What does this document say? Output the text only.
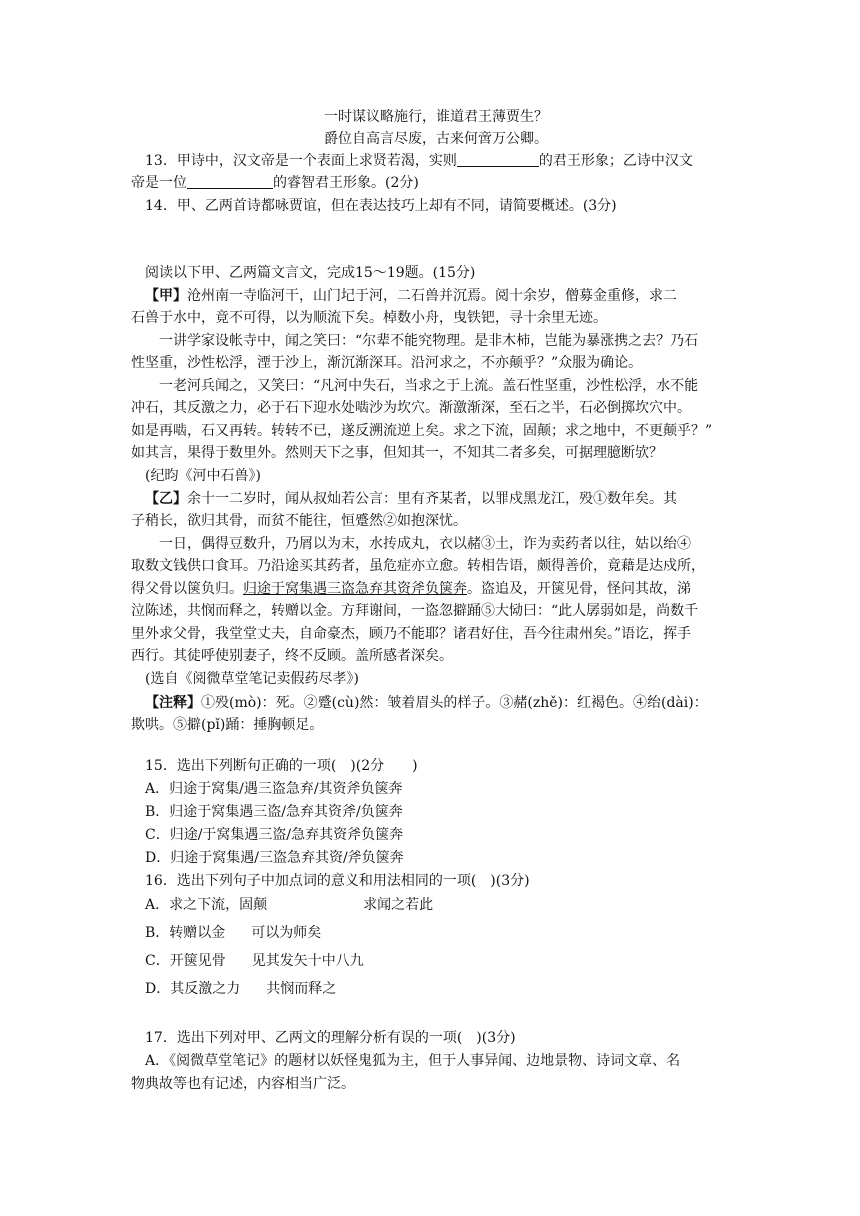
一时谋议略施行，谁道君王薄贾生？
爵位自高言尽废，古来何啻万公卿。
13．甲诗中，汉文帝是一个表面上求贤若渴，实则	的君王形象；乙诗中汉文
帝是一位	的睿智君王形象。(2分)
14．甲、乙两首诗都咏贾谊，但在表达技巧上却有不同，请简要概述。(3分)
阅读以下甲、乙两篇文言文，完成15～19题。(15分)
【甲】沧州南一寺临河干，山门圮于河，二石兽并沉焉。阅十余岁，僧募金重修，求二
石兽于水中，竟不可得，以为顺流下矣。棹数小舟，曳铁钯，寻十余里无迹。
一讲学家设帐寺中，闻之笑曰：“尔辈不能究物理。是非木柿，岂能为暴涨携之去？乃石
性坚重，沙性松浮，湮于沙上，渐沉渐深耳。沿河求之，不亦颠乎？”众服为确论。
一老河兵闻之，又笑曰：“凡河中失石，当求之于上流。盖石性坚重，沙性松浮，水不能
冲石，其反激之力，必于石下迎水处啮沙为坎穴。渐激渐深，至石之半，石必倒掷坎穴中。
如是再啮，石又再转。转转不已，遂反溯流逆上矣。求之下流，固颠；求之地中，不更颠乎？”
如其言，果得于数里外。然则天下之事，但知其一，不知其二者多矣，可据理臆断欤？
(纪昀《河中石兽》)
【乙】余十一二岁时，闻从叔灿若公言：里有齐某者，以罪戍黑龙江，殁①数年矣。其
子稍长，欲归其骨，而贫不能往，恒蹙然②如抱深忧。
一日，偶得豆数升，乃屑以为末，水抟成丸，衣以赭③土，诈为卖药者以往，姑以绐④
取数文钱供口食耳。乃沿途买其药者，虽危症亦立愈。转相告语，颇得善价，竟藉是达戍所，
得父骨以箧负归。归途于窝集遇三盗急弃其资斧负箧奔。盗追及，开箧见骨，怪问其故，涕
泣陈述，共悯而释之，转赠以金。方拜谢间，一盗忽擗踊⑤大恸曰：“此人孱弱如是，尚数千
里外求父骨，我堂堂丈夫，自命豪杰，顾乃不能耶？诸君好住，吾今往肃州矣。”语讫，挥手
西行。其徒呼使别妻子，终不反顾。盖所感者深矣。
(选自《阅微草堂笔记卖假药尽孝》)
【注释】①殁(mò)：死。②蹙(cù)然：皱着眉头的样子。③赭(zhě)：红褐色。④绐(dài)：
欺哄。⑤擗(pǐ)踊：捶胸顿足。
15．选出下列断句正确的一项(　)(2分　　)
A．归途于窝集/遇三盗急弃/其资斧负箧奔
B．归途于窝集遇三盗/急弃其资斧/负箧奔
C．归途/于窝集遇三盗/急弃其资斧负箧奔
D．归途于窝集遇/三盗急弃其资/斧负箧奔
16．选出下列句子中加点词的意义和用法相同的一项(　)(3分)
A．求之下流，固颠	求闻之若此
B．转赠以金 可以为师矣
C．开箧见骨 见其发矢十中八九
D．其反激之力 共悯而释之
17．选出下列对甲、乙两文的理解分析有误的一项(　)(3分)
A．《阅微草堂笔记》的题材以妖怪鬼狐为主，但于人事异闻、边地景物、诗词文章、名
物典故等也有记述，内容相当广泛。
